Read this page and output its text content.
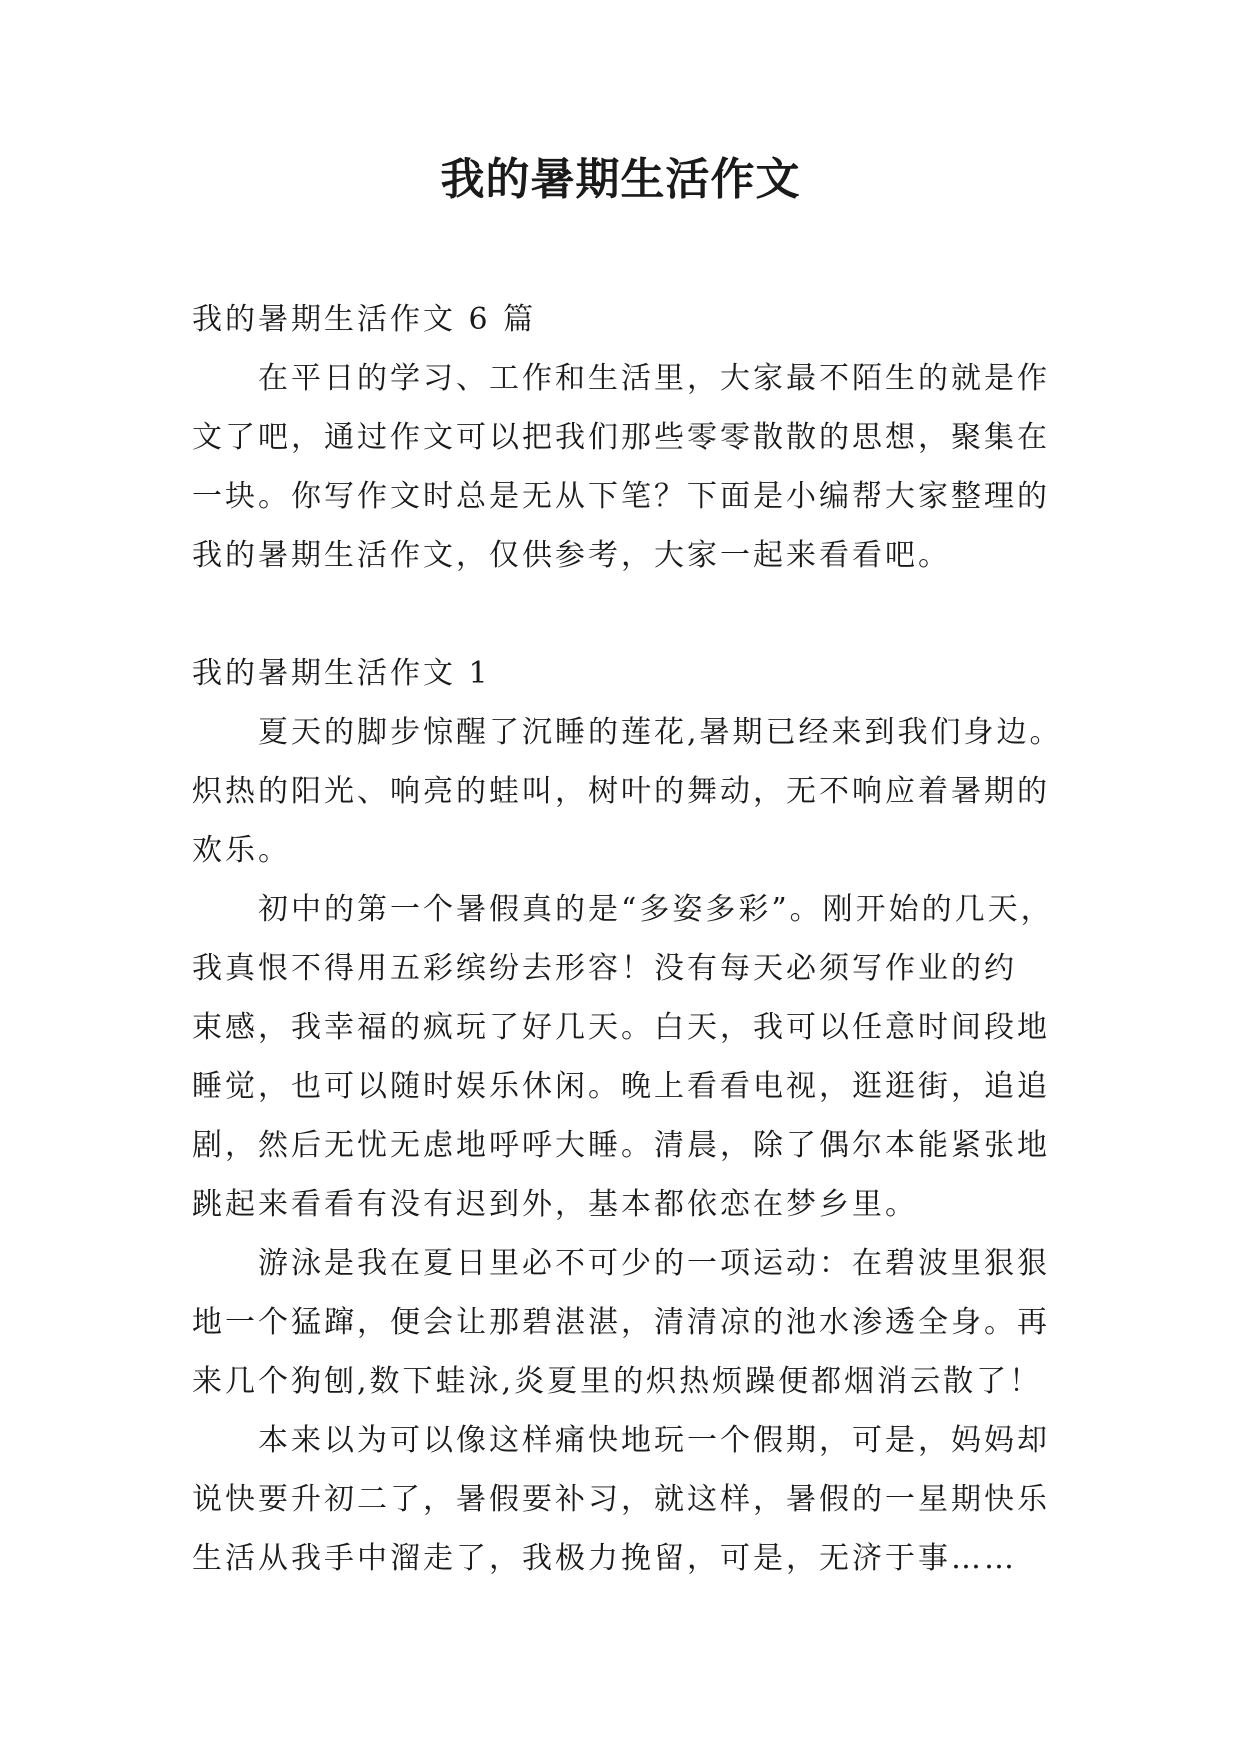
我的暑期生活作文
我的暑期生活作文 6 篇
在平日的学习、工作和生活里，大家最不陌生的就是作
文了吧，通过作文可以把我们那些零零散散的思想，聚集在
一块。你写作文时总是无从下笔？下面是小编帮大家整理的
我的暑期生活作文，仅供参考，大家一起来看看吧。
我的暑期生活作文 1
夏天的脚步惊醒了沉睡的莲花,暑期已经来到我们身边。
炽热的阳光、响亮的蛙叫，树叶的舞动，无不响应着暑期的
欢乐。
初中的第一个暑假真的是“多姿多彩”。刚开始的几天，
我真恨不得用五彩缤纷去形容！没有每天必须写作业的约
束感，我幸福的疯玩了好几天。白天，我可以任意时间段地
睡觉，也可以随时娱乐休闲。晚上看看电视，逛逛街，追追
剧，然后无忧无虑地呼呼大睡。清晨，除了偶尔本能紧张地
跳起来看看有没有迟到外，基本都依恋在梦乡里。
游泳是我在夏日里必不可少的一项运动：在碧波里狠狠
地一个猛蹿，便会让那碧湛湛，清清凉的池水渗透全身。再
来几个狗刨,数下蛙泳,炎夏里的炽热烦躁便都烟消云散了！
本来以为可以像这样痛快地玩一个假期，可是，妈妈却
说快要升初二了，暑假要补习，就这样，暑假的一星期快乐
生活从我手中溜走了，我极力挽留，可是，无济于事……
